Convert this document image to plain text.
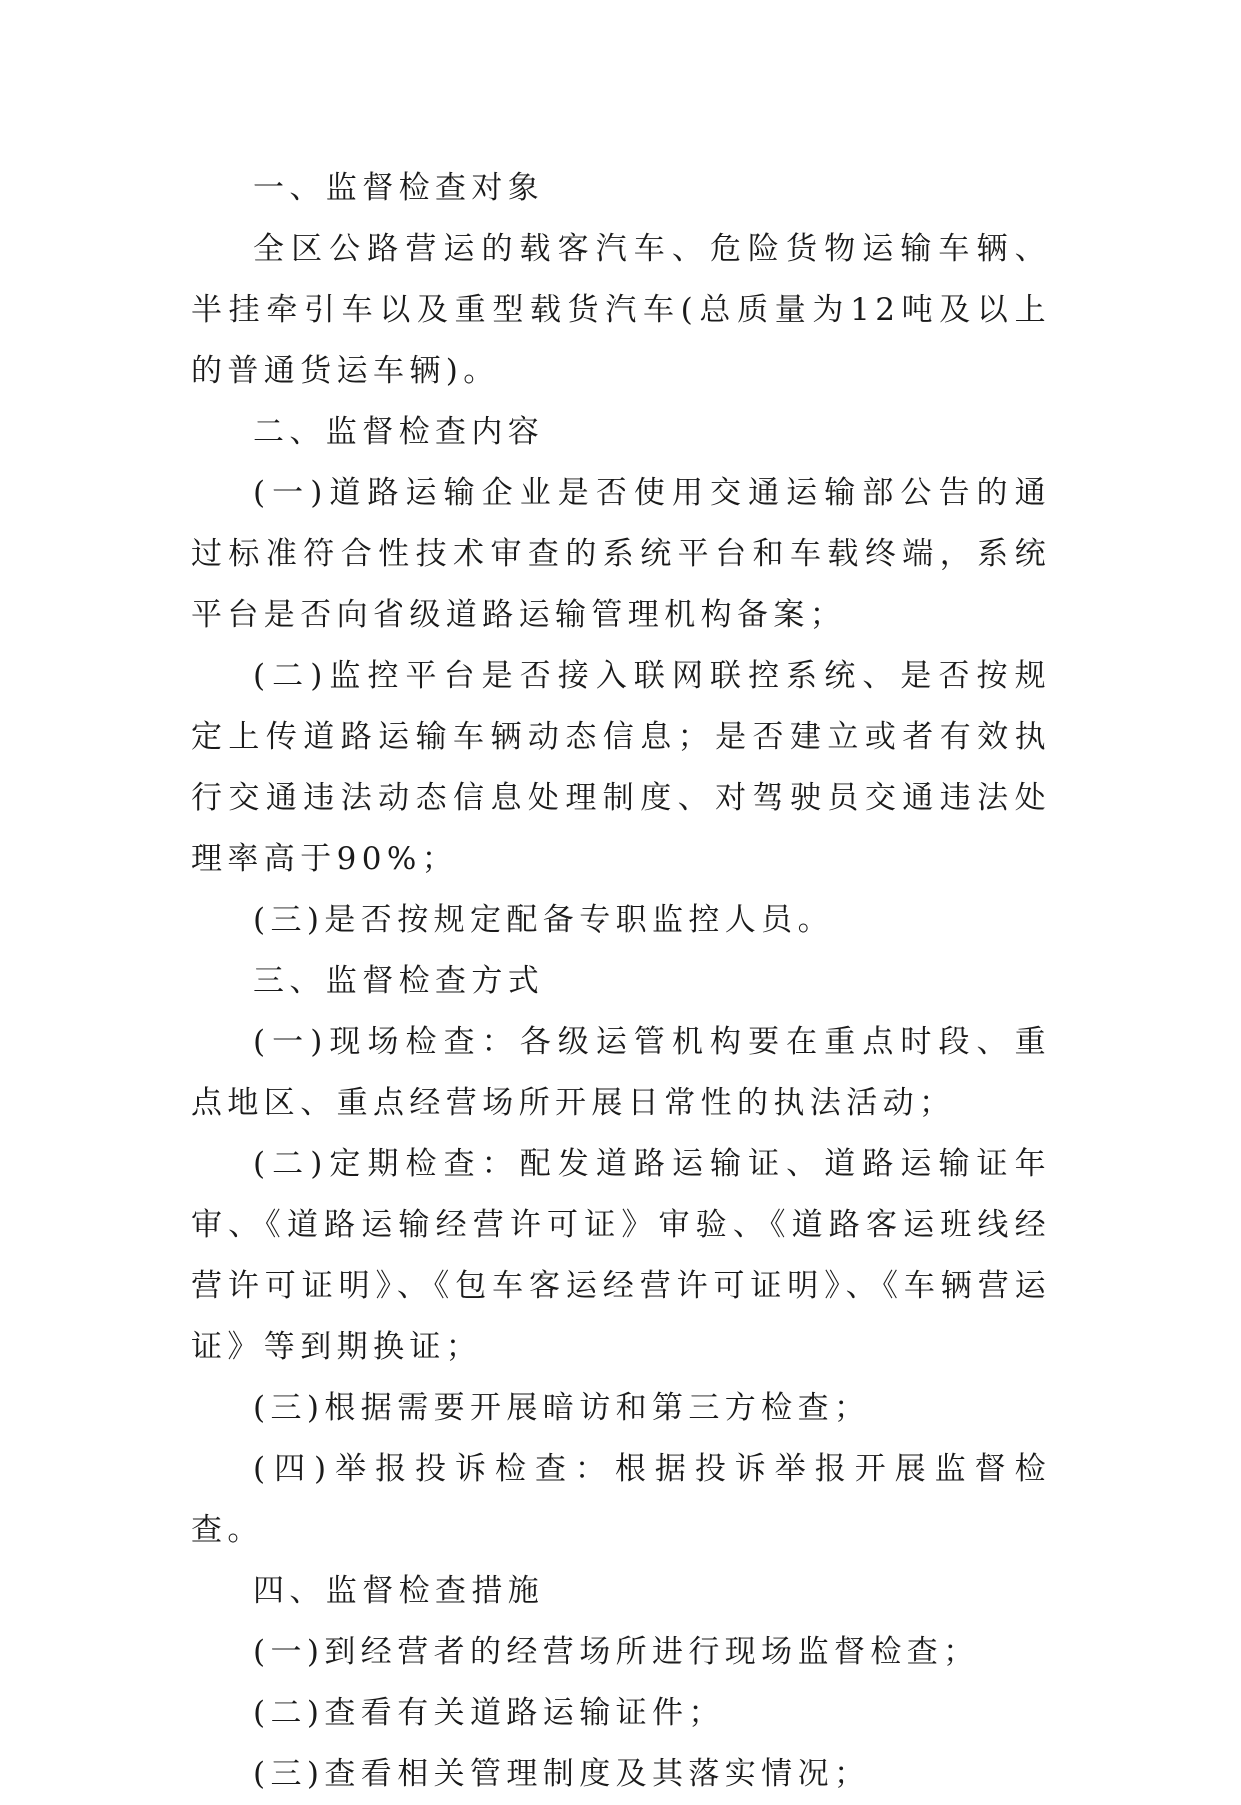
一、监督检查对象

全区公路营运的载客汽车、危险货物运输车辆、半挂牵引车以及重型载货汽车(总质量为12吨及以上的普通货运车辆)。

二、监督检查内容

(一)道路运输企业是否使用交通运输部公告的通过标准符合性技术审查的系统平台和车载终端，系统平台是否向省级道路运输管理机构备案；

(二)监控平台是否接入联网联控系统、是否按规定上传道路运输车辆动态信息；是否建立或者有效执行交通违法动态信息处理制度、对驾驶员交通违法处理率高于90%；

(三)是否按规定配备专职监控人员。

三、监督检查方式

(一)现场检查：各级运管机构要在重点时段、重点地区、重点经营场所开展日常性的执法活动；

(二)定期检查：配发道路运输证、道路运输证年审、《道路运输经营许可证》审验、《道路客运班线经营许可证明》、《包车客运经营许可证明》、《车辆营运证》等到期换证；

(三)根据需要开展暗访和第三方检查；

(四)举报投诉检查：根据投诉举报开展监督检查。

四、监督检查措施

(一)到经营者的经营场所进行现场监督检查；

(二)查看有关道路运输证件；

(三)查看相关管理制度及其落实情况；
